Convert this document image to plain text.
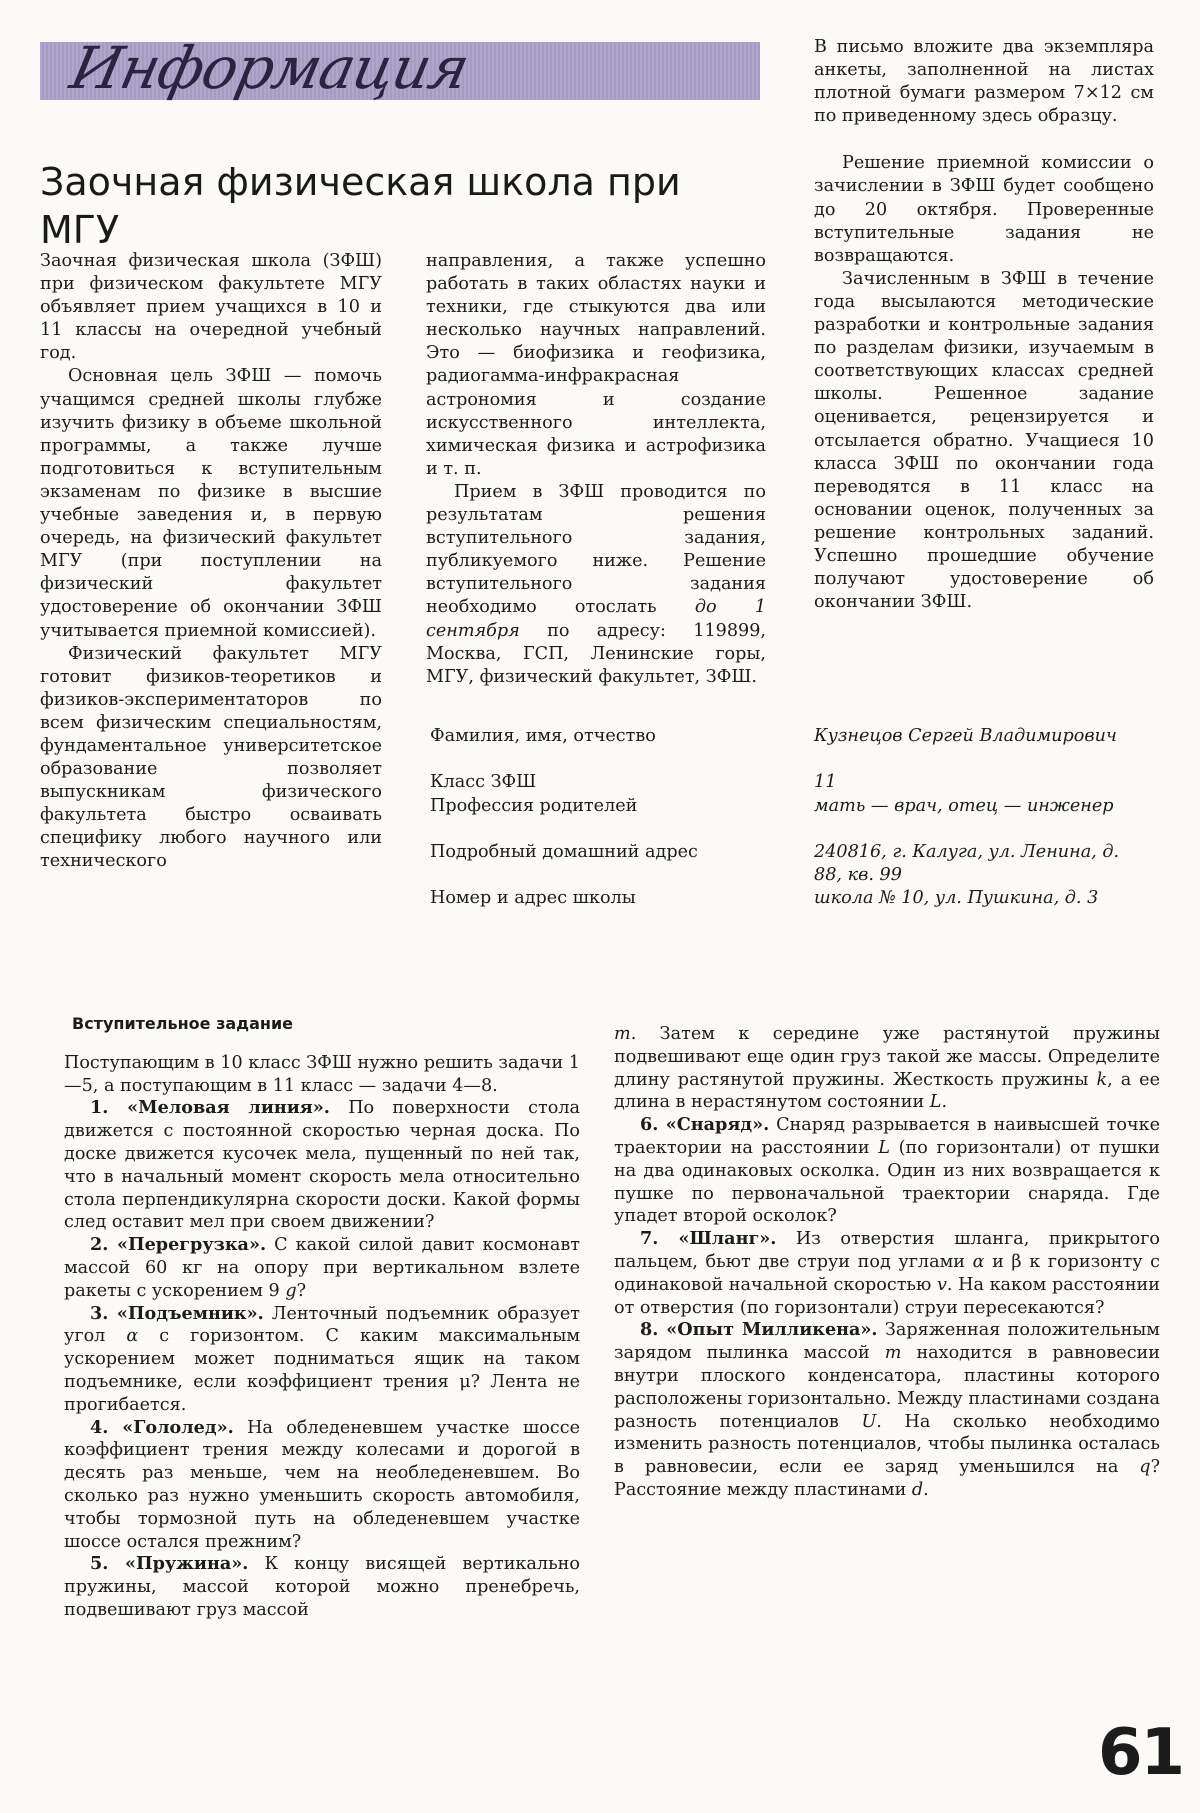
Информация
Заочная физическая школа при МГУ

Заочная физическая школа (ЗФШ) при физическом факультете МГУ объявляет прием учащихся в 10 и 11 классы на очередной учебный год.

Основная цель ЗФШ — помочь учащимся средней школы глубже изучить физику в объеме школьной программы, а также лучше подготовиться к вступительным экзаменам по физике в высшие учебные заведения и, в первую очередь, на физический факультет МГУ (при поступлении на физический факультет удостоверение об окончании ЗФШ учитывается приемной комиссией).

Физический факультет МГУ готовит физиков-теоретиков и физиков-экспериментаторов по всем физическим специальностям, фундаментальное университетское образование позволяет выпускникам физического факультета быстро осваивать специфику любого научного или технического

направления, а также успешно работать в таких областях науки и техники, где стыкуются два или несколько научных направлений. Это — биофизика и геофизика, радиогамма-инфракрасная астрономия и создание искусственного интеллекта, химическая физика и астрофизика и т. п.

Прием в ЗФШ проводится по результатам решения вступительного задания, публикуемого ниже. Решение вступительного задания необходимо отослать до 1 сентября по адресу: 119899, Москва, ГСП, Ленинские горы, МГУ, физический факультет, ЗФШ.

В письмо вложите два экземпляра анкеты, заполненной на листах плотной бумаги размером 7×12 см по приведенному здесь образцу.

Решение приемной комиссии о зачислении в ЗФШ будет сообщено до 20 октября. Проверенные вступительные задания не возвращаются.

Зачисленным в ЗФШ в течение года высылаются методические разработки и контрольные задания по разделам физики, изучаемым в соответствующих классах средней школы. Решенное задание оценивается, рецензируется и отсылается обратно. Учащиеся 10 класса ЗФШ по окончании года переводятся в 11 класс на основании оценок, полученных за решение контрольных заданий. Успешно прошедшие обучение получают удостоверение об окончании ЗФШ.

Фамилия, имя, отчество	Кузнецов Сергей Владимирович
Класс ЗФШ	11
Профессия родителей	мать — врач, отец — инженер
Подробный домашний адрес	240816, г. Калуга, ул. Ленина, д. 88, кв. 99
Номер и адрес школы	школа № 10, ул. Пушкина, д. 3

Вступительное задание

Поступающим в 10 класс ЗФШ нужно решить задачи 1—5, а поступающим в 11 класс — задачи 4—8.

1. «Меловая линия». По поверхности стола движется с постоянной скоростью черная доска. По доске движется кусочек мела, пущенный по ней так, что в начальный момент скорость мела относительно стола перпендикулярна скорости доски. Какой формы след оставит мел при своем движении?

2. «Перегрузка». С какой силой давит космонавт массой 60 кг на опору при вертикальном взлете ракеты с ускорением 9 g?

3. «Подъемник». Ленточный подъемник образует угол α с горизонтом. С каким максимальным ускорением может подниматься ящик на таком подъемнике, если коэффициент трения μ? Лента не прогибается.

4. «Гололед». На обледеневшем участке шоссе коэффициент трения между колесами и дорогой в десять раз меньше, чем на необледеневшем. Во сколько раз нужно уменьшить скорость автомобиля, чтобы тормозной путь на обледеневшем участке шоссе остался прежним?

5. «Пружина». К концу висящей вертикально пружины, массой которой можно пренебречь, подвешивают груз массой

m. Затем к середине уже растянутой пружины подвешивают еще один груз такой же массы. Определите длину растянутой пружины. Жесткость пружины k, а ее длина в нерастянутом состоянии L.

6. «Снаряд». Снаряд разрывается в наивысшей точке траектории на расстоянии L (по горизонтали) от пушки на два одинаковых осколка. Один из них возвращается к пушке по первоначальной траектории снаряда. Где упадет второй осколок?

7. «Шланг». Из отверстия шланга, прикрытого пальцем, бьют две струи под углами α и β к горизонту с одинаковой начальной скоростью v. На каком расстоянии от отверстия (по горизонтали) струи пересекаются?

8. «Опыт Милликена». Заряженная положительным зарядом пылинка массой m находится в равновесии внутри плоского конденсатора, пластины которого расположены горизонтально. Между пластинами создана разность потенциалов U. На сколько необходимо изменить разность потенциалов, чтобы пылинка осталась в равновесии, если ее заряд уменьшился на q? Расстояние между пластинами d.

61
